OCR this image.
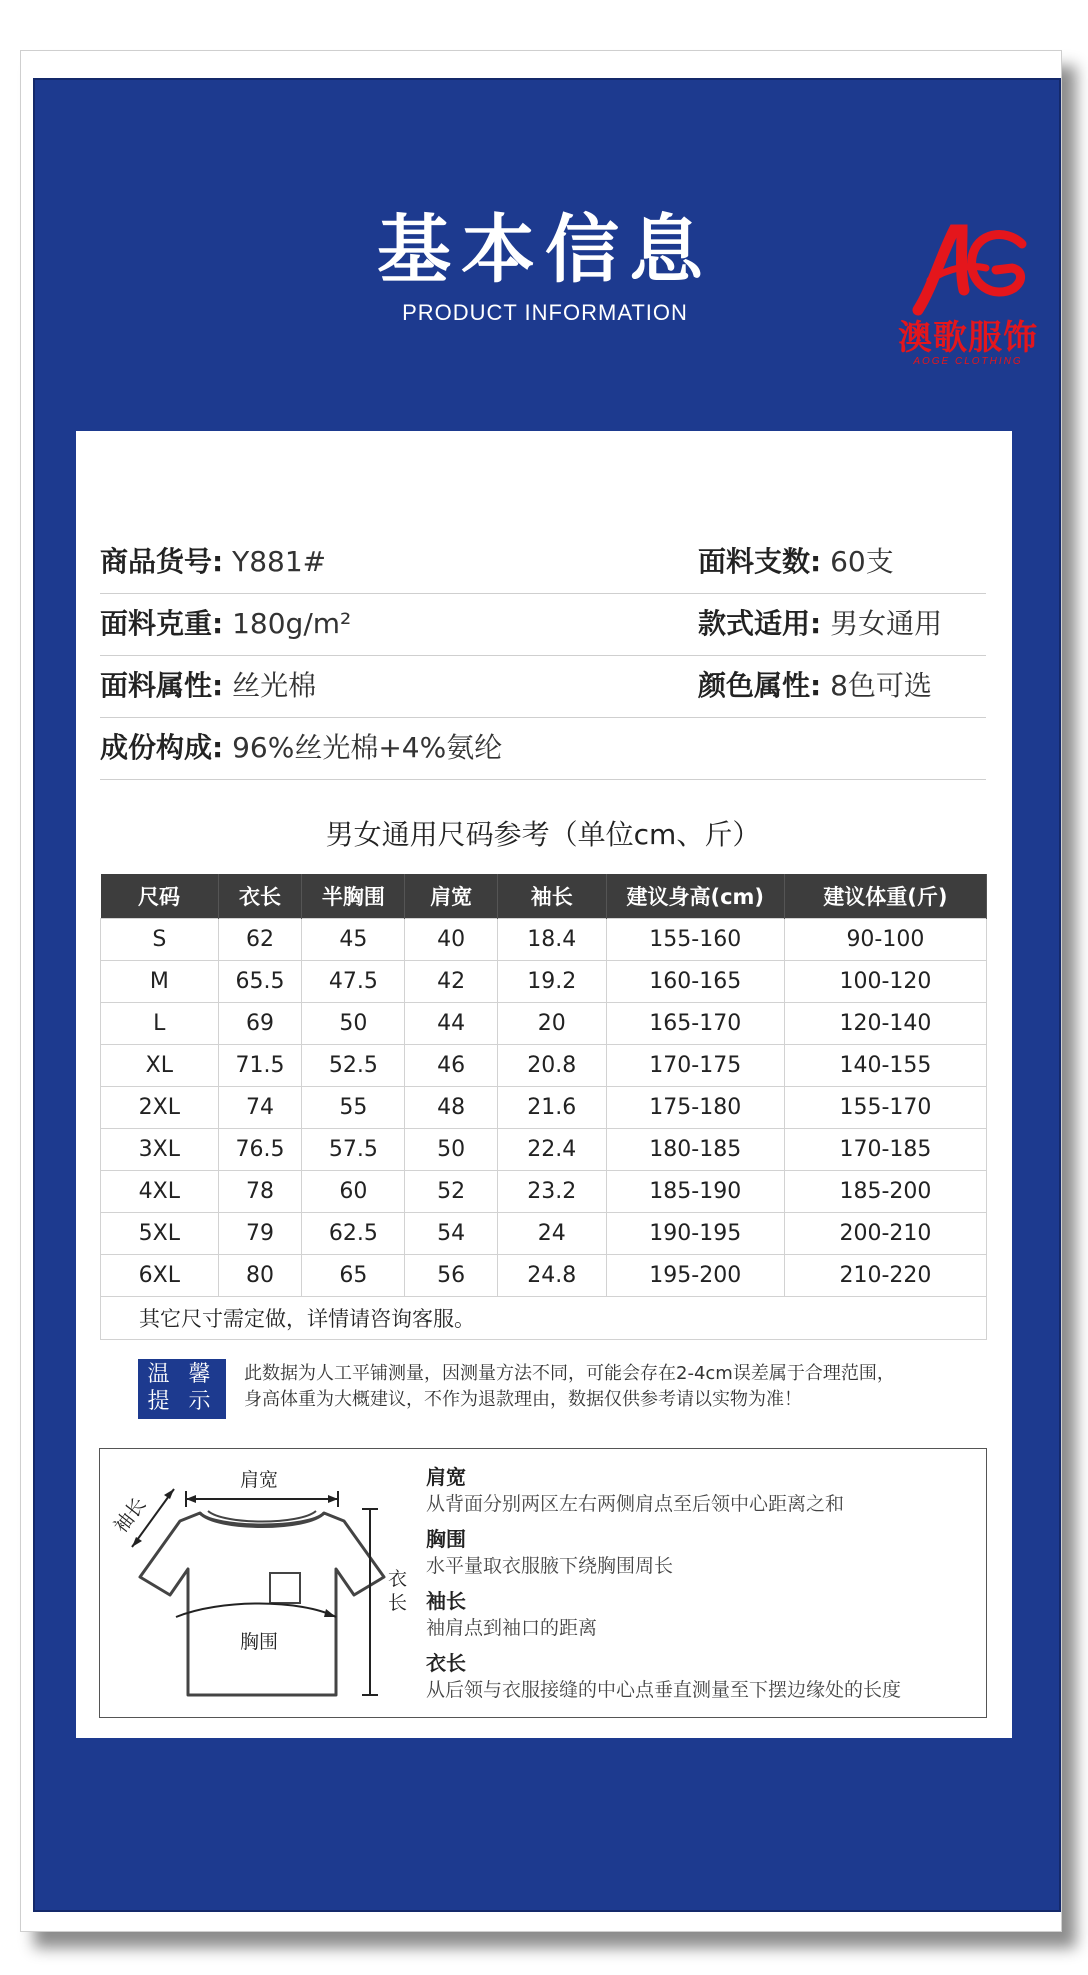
基本信息
PRODUCT INFORMATION
澳歌服饰
AOGE CLOTHING
商品货号: Y881#	面料支数: 60支
面料克重: 180g/m²	款式适用: 男女通用
面料属性: 丝光棉	颜色属性: 8色可选
成份构成: 96%丝光棉+4%氨纶
男女通用尺码参考（单位cm、斤）
尺码	衣长	半胸围	肩宽	袖长	建议身高(cm)	建议体重(斤)
S	62	45	40	18.4	155-160	90-100
M	65.5	47.5	42	19.2	160-165	100-120
L	69	50	44	20	165-170	120-140
XL	71.5	52.5	46	20.8	170-175	140-155
2XL	74	55	48	21.6	175-180	155-170
3XL	76.5	57.5	50	22.4	180-185	170-185
4XL	78	60	52	23.2	185-190	185-200
5XL	79	62.5	54	24	190-195	200-210
6XL	80	65	56	24.8	195-200	210-220
其它尺寸需定做，详情请咨询客服。						
温 馨
提 示
此数据为人工平铺测量，因测量方法不同，可能会存在2-4cm误差属于合理范围，
身高体重为大概建议，不作为退款理由，数据仅供参考请以实物为准！
肩宽
袖长
胸围
衣
长
肩宽
从背面分别两区左右两侧肩点至后领中心距离之和
胸围
水平量取衣服腋下绕胸围周长
袖长
袖肩点到袖口的距离
衣长
从后领与衣服接缝的中心点垂直测量至下摆边缘处的长度
